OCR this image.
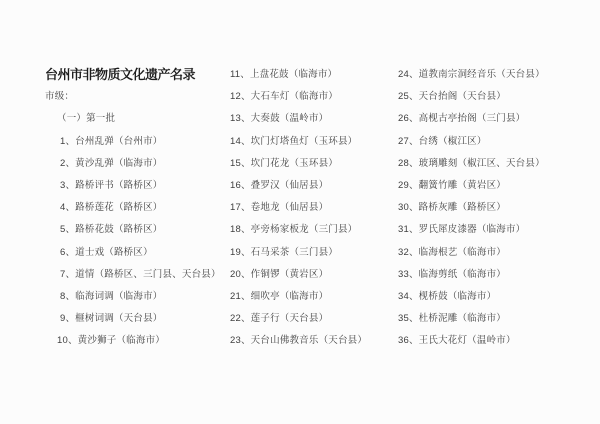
台州市非物质文化遗产名录
市级：
（一）第一批
1、台州乱弹（台州市）
2、黄沙乱弹（临海市）
3、路桥评书（路桥区）
4、路桥莲花（路桥区）
5、路桥花鼓（路桥区）
6、道士戏（路桥区）
7、道情（路桥区、三门县、天台县）
8、临海词调（临海市）
9、榧树词调（天台县）
10、黄沙狮子（临海市）
11、上盘花鼓（临海市）
12、大石车灯（临海市）
13、大奏鼓（温岭市）
14、坎门灯塔鱼灯（玉环县）
15、坎门花龙（玉环县）
16、叠罗汉（仙居县）
17、卷地龙（仙居县）
18、亭旁杨家板龙（三门县）
19、石马采茶（三门县）
20、作铜锣（黄岩区）
21、细吹亭（临海市）
22、莲子行（天台县）
23、天台山佛教音乐（天台县）
24、道教南宗洞经音乐（天台县）
25、天台抬阁（天台县）
26、高枧古亭抬阁（三门县）
27、台绣（椒江区）
28、玻璃雕刻（椒江区、天台县）
29、翻簧竹雕（黄岩区）
30、路桥灰雕（路桥区）
31、罗氏犀皮漆器（临海市）
32、临海根艺（临海市）
33、临海剪纸（临海市）
34、枧桥鼓（临海市）
35、杜桥泥雕（临海市）
36、王氏大花灯（温岭市）
